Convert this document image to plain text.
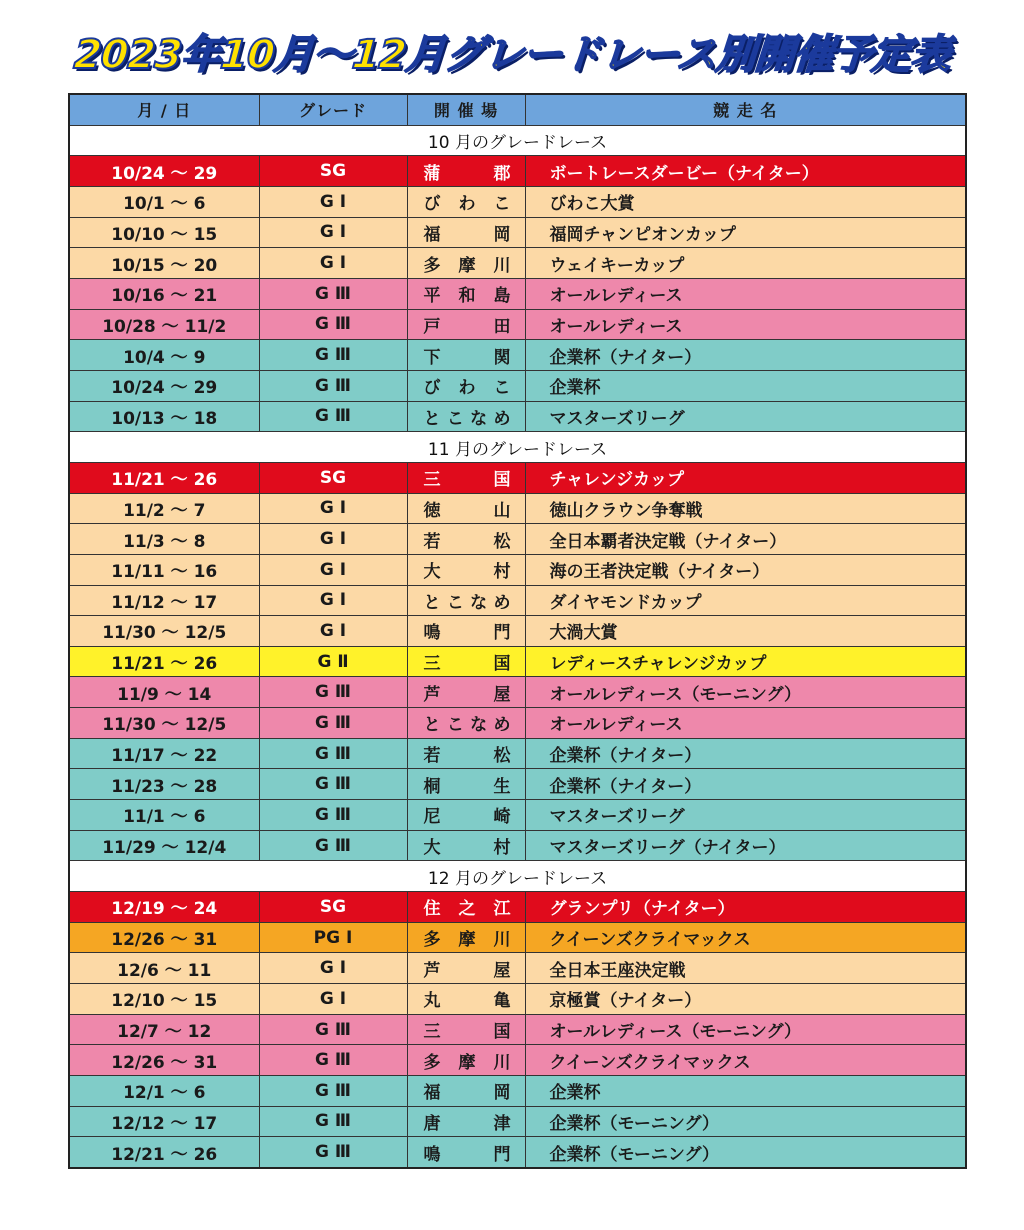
2023年10月～12月グレードレース別開催予定表
月 / 日	グレード	開 催 場	競 走 名
10 月のグレードレース			
10/24 ～ 29	SG	蒲郡	ボートレースダービー（ナイター）
10/1 ～ 6	G Ⅰ	びわこ	びわこ大賞
10/10 ～ 15	G Ⅰ	福岡	福岡チャンピオンカップ
10/15 ～ 20	G Ⅰ	多摩川	ウェイキーカップ
10/16 ～ 21	G Ⅲ	平和島	オールレディース
10/28 ～ 11/2	G Ⅲ	戸田	オールレディース
10/4 ～ 9	G Ⅲ	下関	企業杯（ナイター）
10/24 ～ 29	G Ⅲ	びわこ	企業杯
10/13 ～ 18	G Ⅲ	とこなめ	マスターズリーグ
11 月のグレードレース			
11/21 ～ 26	SG	三国	チャレンジカップ
11/2 ～ 7	G Ⅰ	徳山	徳山クラウン争奪戦
11/3 ～ 8	G Ⅰ	若松	全日本覇者決定戦（ナイター）
11/11 ～ 16	G Ⅰ	大村	海の王者決定戦（ナイター）
11/12 ～ 17	G Ⅰ	とこなめ	ダイヤモンドカップ
11/30 ～ 12/5	G Ⅰ	鳴門	大渦大賞
11/21 ～ 26	G Ⅱ	三国	レディースチャレンジカップ
11/9 ～ 14	G Ⅲ	芦屋	オールレディース（モーニング）
11/30 ～ 12/5	G Ⅲ	とこなめ	オールレディース
11/17 ～ 22	G Ⅲ	若松	企業杯（ナイター）
11/23 ～ 28	G Ⅲ	桐生	企業杯（ナイター）
11/1 ～ 6	G Ⅲ	尼崎	マスターズリーグ
11/29 ～ 12/4	G Ⅲ	大村	マスターズリーグ（ナイター）
12 月のグレードレース			
12/19 ～ 24	SG	住之江	グランプリ（ナイター）
12/26 ～ 31	PG Ⅰ	多摩川	クイーンズクライマックス
12/6 ～ 11	G Ⅰ	芦屋	全日本王座決定戦
12/10 ～ 15	G Ⅰ	丸亀	京極賞（ナイター）
12/7 ～ 12	G Ⅲ	三国	オールレディース（モーニング）
12/26 ～ 31	G Ⅲ	多摩川	クイーンズクライマックス
12/1 ～ 6	G Ⅲ	福岡	企業杯
12/12 ～ 17	G Ⅲ	唐津	企業杯（モーニング）
12/21 ～ 26	G Ⅲ	鳴門	企業杯（モーニング）
